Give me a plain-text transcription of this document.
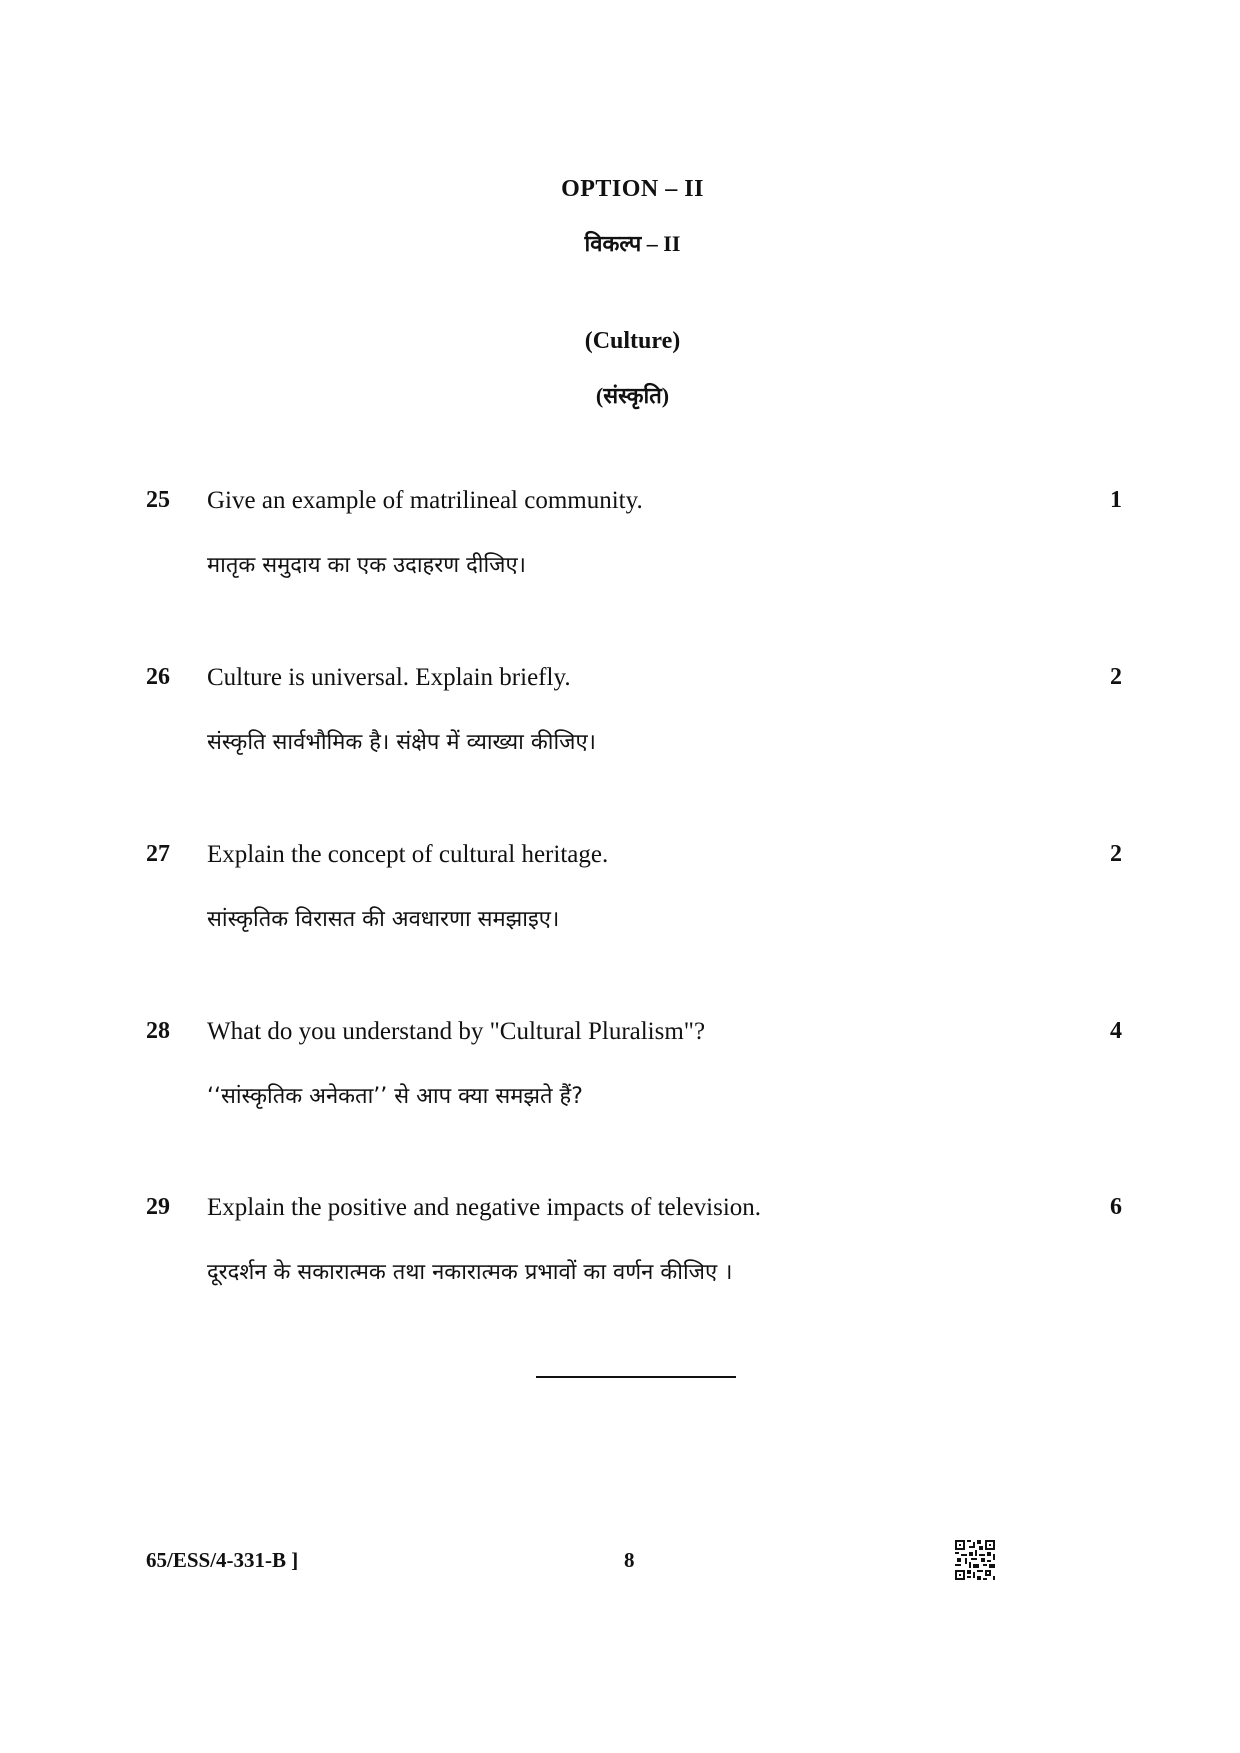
OPTION – II
विकल्प – II
(Culture)
(संस्कृति)
25 Give an example of matrilineal community.
मातृक समुदाय का एक उदाहरण दीजिए।
1
26 Culture is universal. Explain briefly.
संस्कृति सार्वभौमिक है। संक्षेप में व्याख्या कीजिए।
2
27 Explain the concept of cultural heritage.
सांस्कृतिक विरासत की अवधारणा समझाइए।
2
28 What do you understand by "Cultural Pluralism"?
‘‘सांस्कृतिक अनेकता’’ से आप क्या समझते हैं?
4
29 Explain the positive and negative impacts of television.
दूरदर्शन के सकारात्मक तथा नकारात्मक प्रभावों का वर्णन कीजिए ।
6
65/ESS/4-331-B ]	8
